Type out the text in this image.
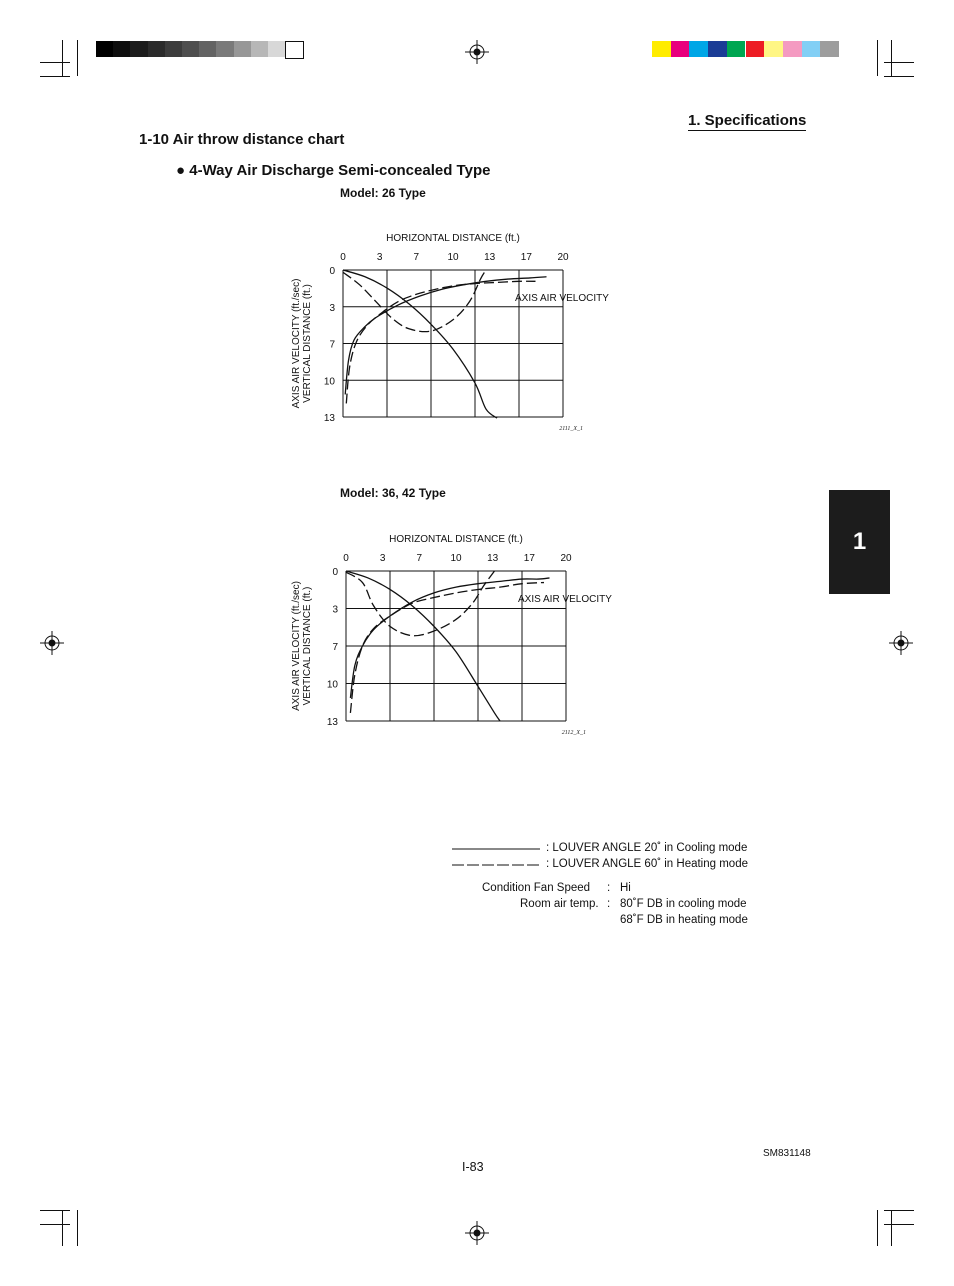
1. Specifications
1-10 Air throw distance chart
● 4-Way Air Discharge Semi-concealed Type
1
Model: 26 Type
0	3	7	10	13	17	20
0
3
7
10
13
HORIZONTAL DISTANCE (ft.)
AXIS AIR VELOCITY (ft./sec) VERTICAL DISTANCE (ft.)	AXIS AIR VELOCITY
2111_X_1
Model: 36, 42 Type
0	3	7	10	13	17	20
0
3
7
10
13
HORIZONTAL DISTANCE (ft.)
AXIS AIR VELOCITY (ft./sec) VERTICAL DISTANCE (ft.)	AXIS AIR VELOCITY
2112_X_1
: LOUVER ANGLE 20˚ in Cooling mode
: LOUVER ANGLE 60˚ in Heating mode
Condition Fan Speed : Hi
Room air temp. : 80˚F DB in cooling mode
68˚F DB in heating mode
I-83
SM831148
